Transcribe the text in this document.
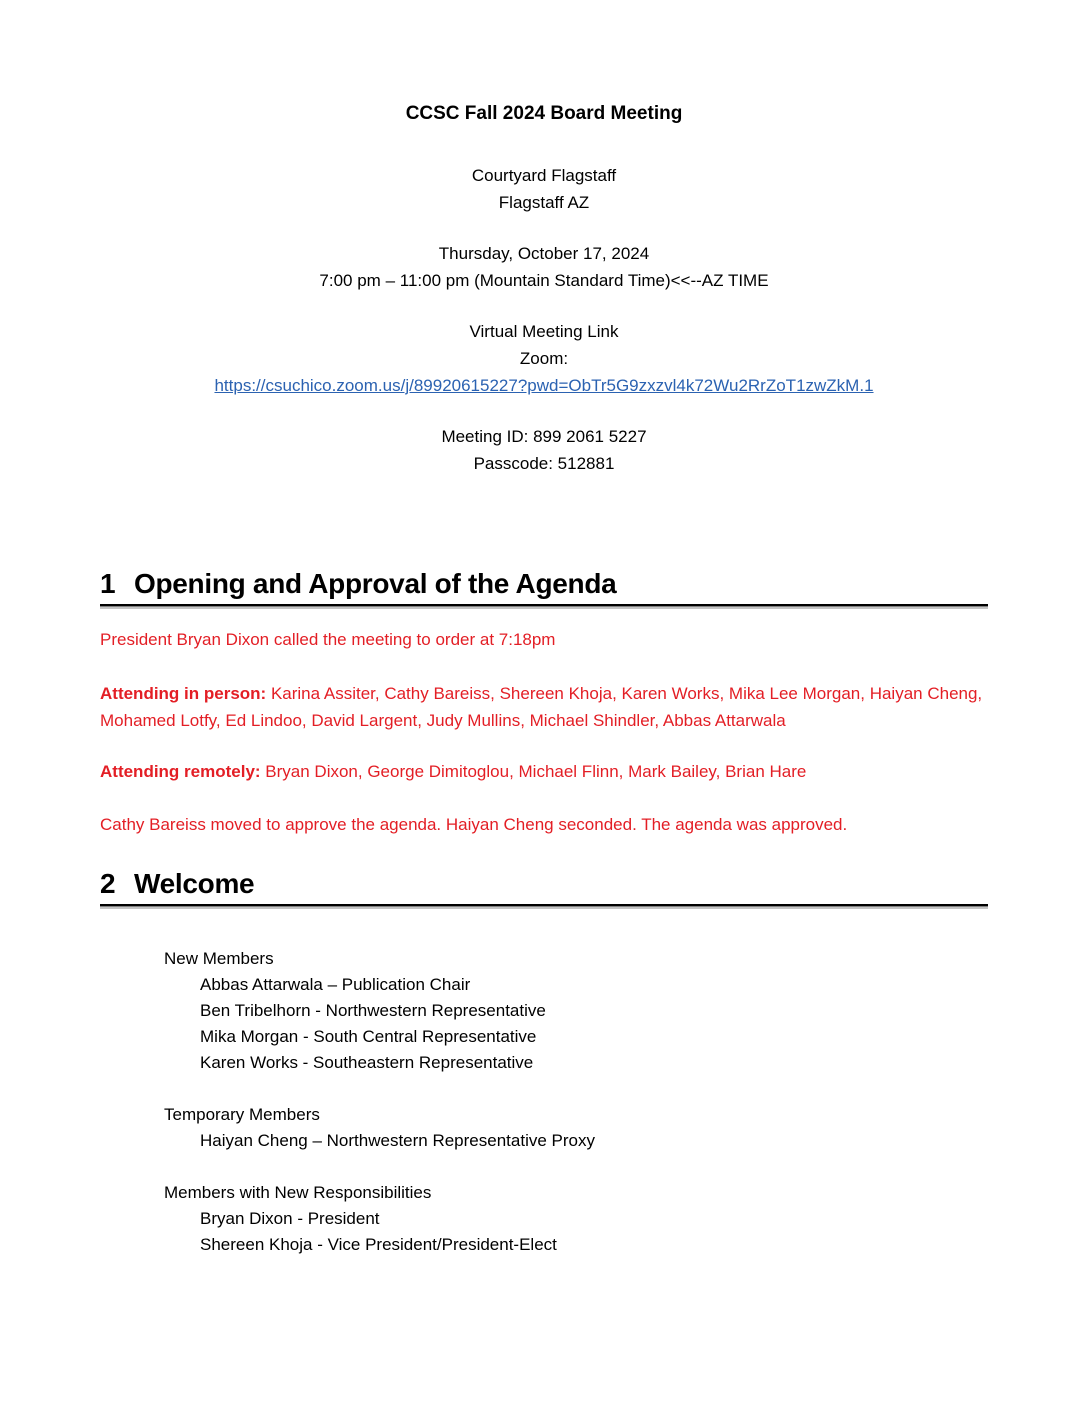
CCSC Fall 2024 Board Meeting

Courtyard Flagstaff

Flagstaff AZ

Thursday, October 17, 2024

7:00 pm – 11:00 pm (Mountain Standard Time)<<--AZ TIME

Virtual Meeting Link

Zoom:

https://csuchico.zoom.us/j/89920615227?pwd=ObTr5G9zxzvl4k72Wu2RrZoT1zwZkM.1

Meeting ID: 899 2061 5227

Passcode: 512881

1 Opening and Approval of the Agenda

President Bryan Dixon called the meeting to order at 7:18pm

Attending in person: Karina Assiter, Cathy Bareiss, Shereen Khoja, Karen Works, Mika Lee Morgan, Haiyan Cheng, Mohamed Lotfy, Ed Lindoo, David Largent, Judy Mullins, Michael Shindler, Abbas Attarwala

Attending remotely: Bryan Dixon, George Dimitoglou, Michael Flinn, Mark Bailey, Brian Hare

Cathy Bareiss moved to approve the agenda. Haiyan Cheng seconded. The agenda was approved.

2 Welcome

New Members

Abbas Attarwala – Publication Chair

Ben Tribelhorn - Northwestern Representative

Mika Morgan - South Central Representative

Karen Works - Southeastern Representative

Temporary Members

Haiyan Cheng – Northwestern Representative Proxy

Members with New Responsibilities

Bryan Dixon - President

Shereen Khoja - Vice President/President-Elect
